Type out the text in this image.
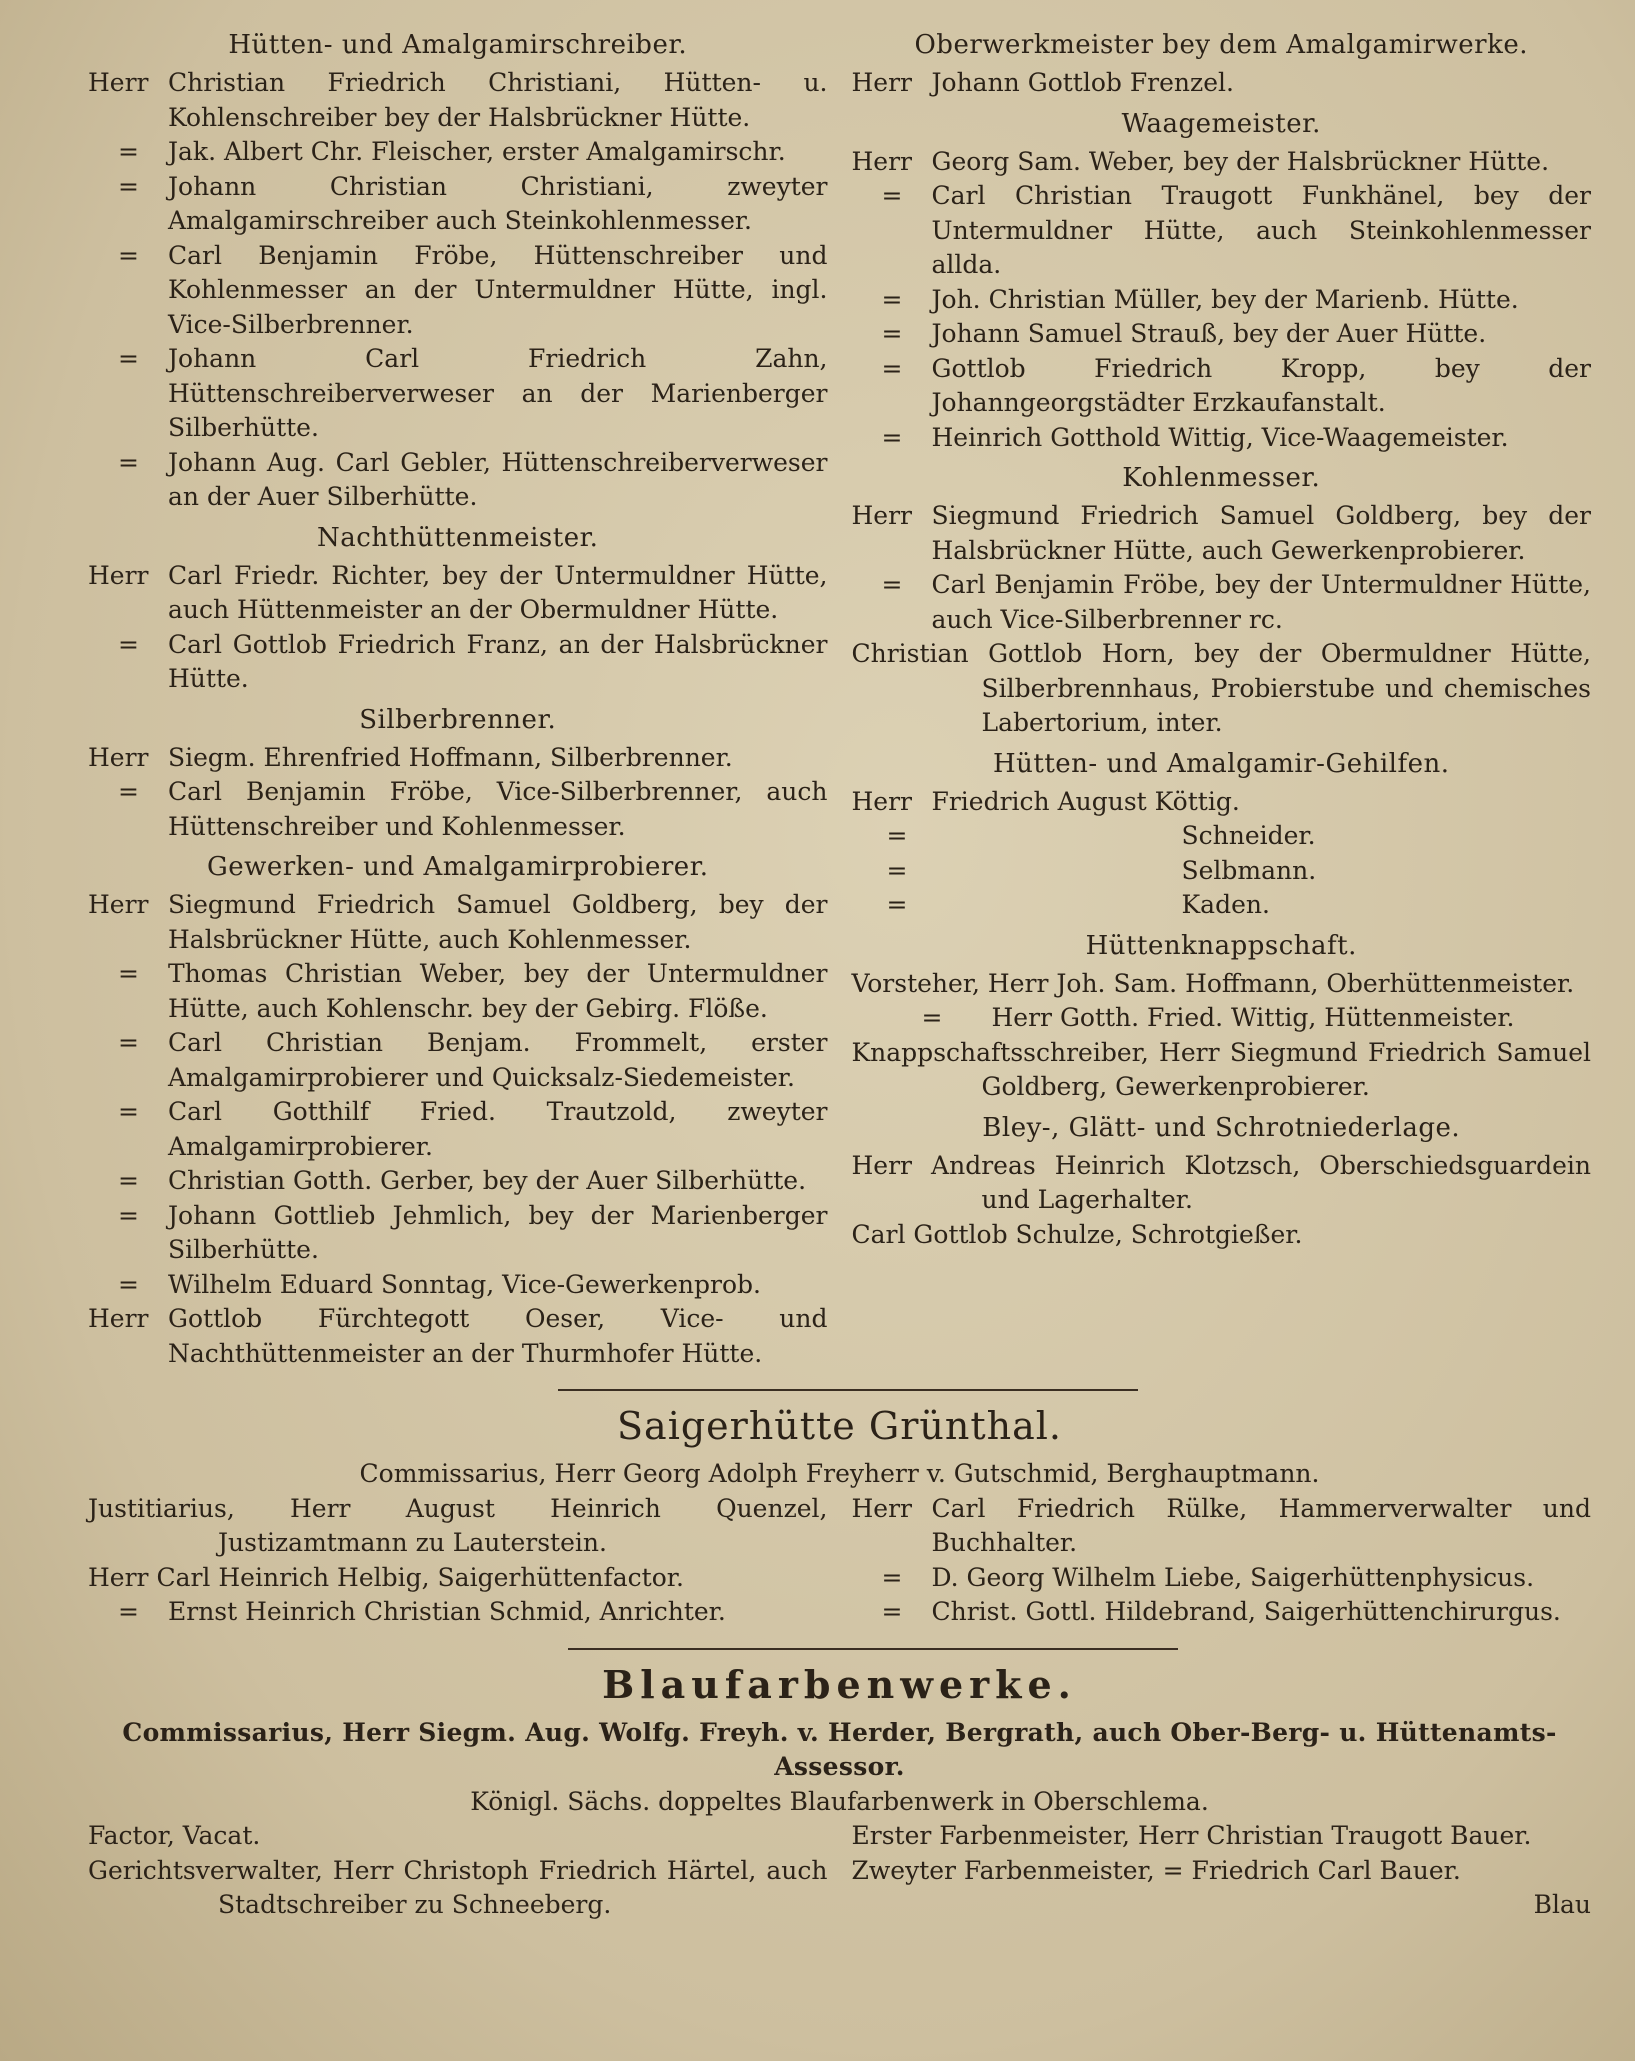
Hütten- und Amalgamirschreiber.
Herr Christian Friedrich Christiani, Hütten- u. Kohlenschreiber bey der Halsbrückner Hütte.
= Jak. Albert Chr. Fleischer, erster Amalgamirschr.
= Johann Christian Christiani, zweyter Amalgamirschreiber auch Steinkohlenmesser.
= Carl Benjamin Fröbe, Hüttenschreiber und Kohlenmesser an der Untermuldner Hütte, ingl. Vice-Silberbrenner.
= Johann Carl Friedrich Zahn, Hüttenschreiberverweser an der Marienberger Silberhütte.
= Johann Aug. Carl Gebler, Hüttenschreiberverweser an der Auer Silberhütte.
Nachthüttenmeister.
Herr Carl Friedr. Richter, bey der Untermuldner Hütte, auch Hüttenmeister an der Obermuldner Hütte.
= Carl Gottlob Friedrich Franz, an der Halsbrückner Hütte.
Silberbrenner.
Herr Siegm. Ehrenfried Hoffmann, Silberbrenner.
= Carl Benjamin Fröbe, Vice-Silberbrenner, auch Hüttenschreiber und Kohlenmesser.
Gewerken- und Amalgamirprobierer.
Herr Siegmund Friedrich Samuel Goldberg, bey der Halsbrückner Hütte, auch Kohlenmesser.
= Thomas Christian Weber, bey der Untermuldner Hütte, auch Kohlenschr. bey der Gebirg. Flöße.
= Carl Christian Benjam. Frommelt, erster Amalgamirprobierer und Quicksalz-Siedemeister.
= Carl Gotthilf Fried. Trautzold, zweyter Amalgamirprobierer.
= Christian Gotth. Gerber, bey der Auer Silberhütte.
= Johann Gottlieb Jehmlich, bey der Marienberger Silberhütte.
= Wilhelm Eduard Sonntag, Vice-Gewerkenprob.
Herr Gottlob Fürchtegott Oeser, Vice- und Nachthüttenmeister an der Thurmhofer Hütte.
Oberwerkmeister bey dem Amalgamirwerke.
Herr Johann Gottlob Frenzel.
Waagemeister.
Herr Georg Sam. Weber, bey der Halsbrückner Hütte.
= Carl Christian Traugott Funkhänel, bey der Untermuldner Hütte, auch Steinkohlenmesser allda.
= Joh. Christian Müller, bey der Marienb. Hütte.
= Johann Samuel Strauß, bey der Auer Hütte.
= Gottlob Friedrich Kropp, bey der Johanngeorgstädter Erzkaufanstalt.
= Heinrich Gotthold Wittig, Vice-Waagemeister.
Kohlenmesser.
Herr Siegmund Friedrich Samuel Goldberg, bey der Halsbrückner Hütte, auch Gewerkenprobierer.
= Carl Benjamin Fröbe, bey der Untermuldner Hütte, auch Vice-Silberbrenner rc.
Christian Gottlob Horn, bey der Obermuldner Hütte, Silberbrennhaus, Probierstube und chemisches Labertorium, inter.
Hütten- und Amalgamir-Gehilfen.
Herr Friedrich August Köttig.
=	Schneider.
=	Selbmann.
=	Kaden.
Hüttenknappschaft.
Vorsteher, Herr Joh. Sam. Hoffmann, Oberhüttenmeister.
= Herr Gotth. Fried. Wittig, Hüttenmeister.
Knappschaftsschreiber, Herr Siegmund Friedrich Samuel Goldberg, Gewerkenprobierer.
Bley-, Glätt- und Schrotniederlage.
Herr Andreas Heinrich Klotzsch, Oberschiedsguardein und Lagerhalter.
Carl Gottlob Schulze, Schrotgießer.
Saigerhütte Grünthal.
Commissarius, Herr Georg Adolph Freyherr v. Gutschmid, Berghauptmann.
Justitiarius, Herr August Heinrich Quenzel, Justizamtmann zu Lauterstein.
Herr Carl Heinrich Helbig, Saigerhüttenfactor.
= Ernst Heinrich Christian Schmid, Anrichter.
Herr Carl Friedrich Rülke, Hammerverwalter und Buchhalter.
= D. Georg Wilhelm Liebe, Saigerhüttenphysicus.
= Christ. Gottl. Hildebrand, Saigerhüttenchirurgus.
Blaufarbenwerke.
Commissarius, Herr Siegm. Aug. Wolfg. Freyh. v. Herder, Bergrath, auch Ober-Berg- u. Hüttenamts-Assessor.
Königl. Sächs. doppeltes Blaufarbenwerk in Oberschlema.
Factor, Vacat.
Gerichtsverwalter, Herr Christoph Friedrich Härtel, auch Stadtschreiber zu Schneeberg.
Erster Farbenmeister, Herr Christian Traugott Bauer.
Zweyter Farbenmeister, = Friedrich Carl Bauer.
Blau
